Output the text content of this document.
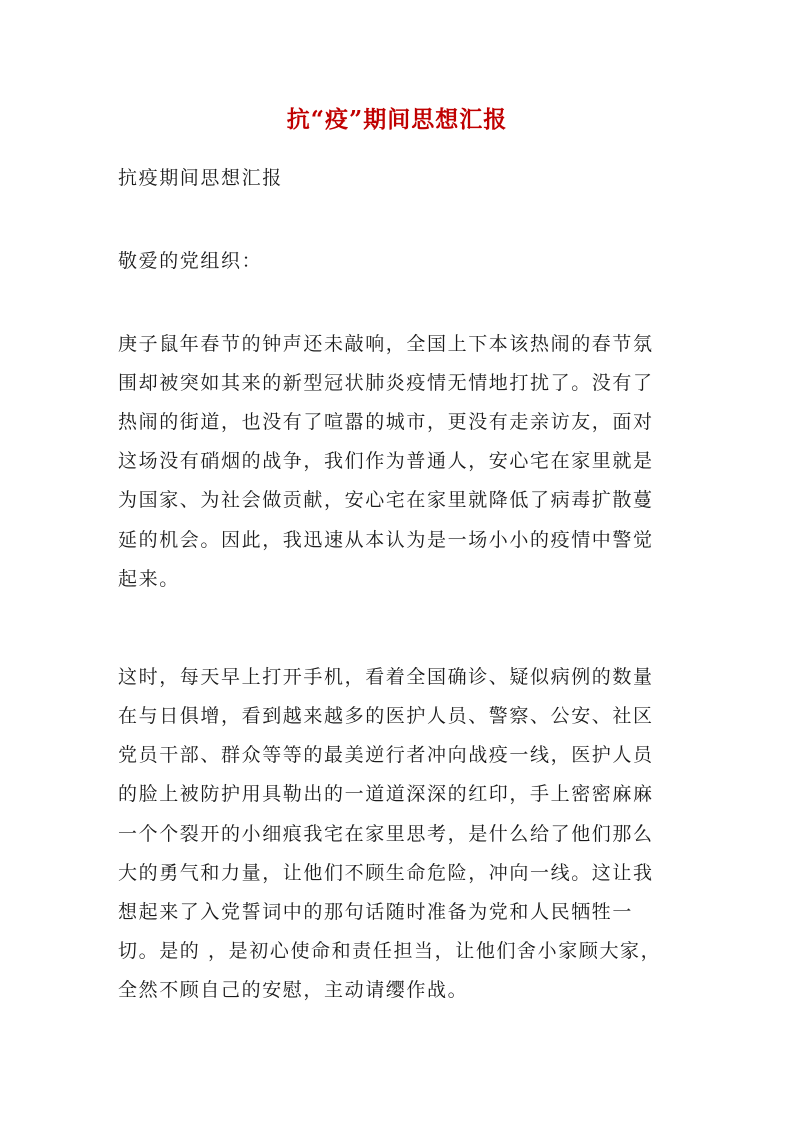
抗“疫”期间思想汇报
抗疫期间思想汇报
敬爱的党组织：
庚子鼠年春节的钟声还未敲响，全国上下本该热闹的春节氛
围却被突如其来的新型冠状肺炎疫情无情地打扰了。没有了
热闹的街道，也没有了喧嚣的城市，更没有走亲访友，面对
这场没有硝烟的战争，我们作为普通人，安心宅在家里就是
为国家、为社会做贡献，安心宅在家里就降低了病毒扩散蔓
延的机会。因此，我迅速从本认为是一场小小的疫情中警觉
起来。
这时，每天早上打开手机，看着全国确诊、疑似病例的数量
在与日俱增，看到越来越多的医护人员、警察、公安、社区
党员干部、群众等等的最美逆行者冲向战疫一线，医护人员
的脸上被防护用具勒出的一道道深深的红印，手上密密麻麻
一个个裂开的小细痕我宅在家里思考，是什么给了他们那么
大的勇气和力量，让他们不顾生命危险，冲向一线。这让我
想起来了入党誓词中的那句话随时准备为党和人民牺牲一
切。是的 ，是初心使命和责任担当，让他们舍小家顾大家，
全然不顾自己的安慰，主动请缨作战。
